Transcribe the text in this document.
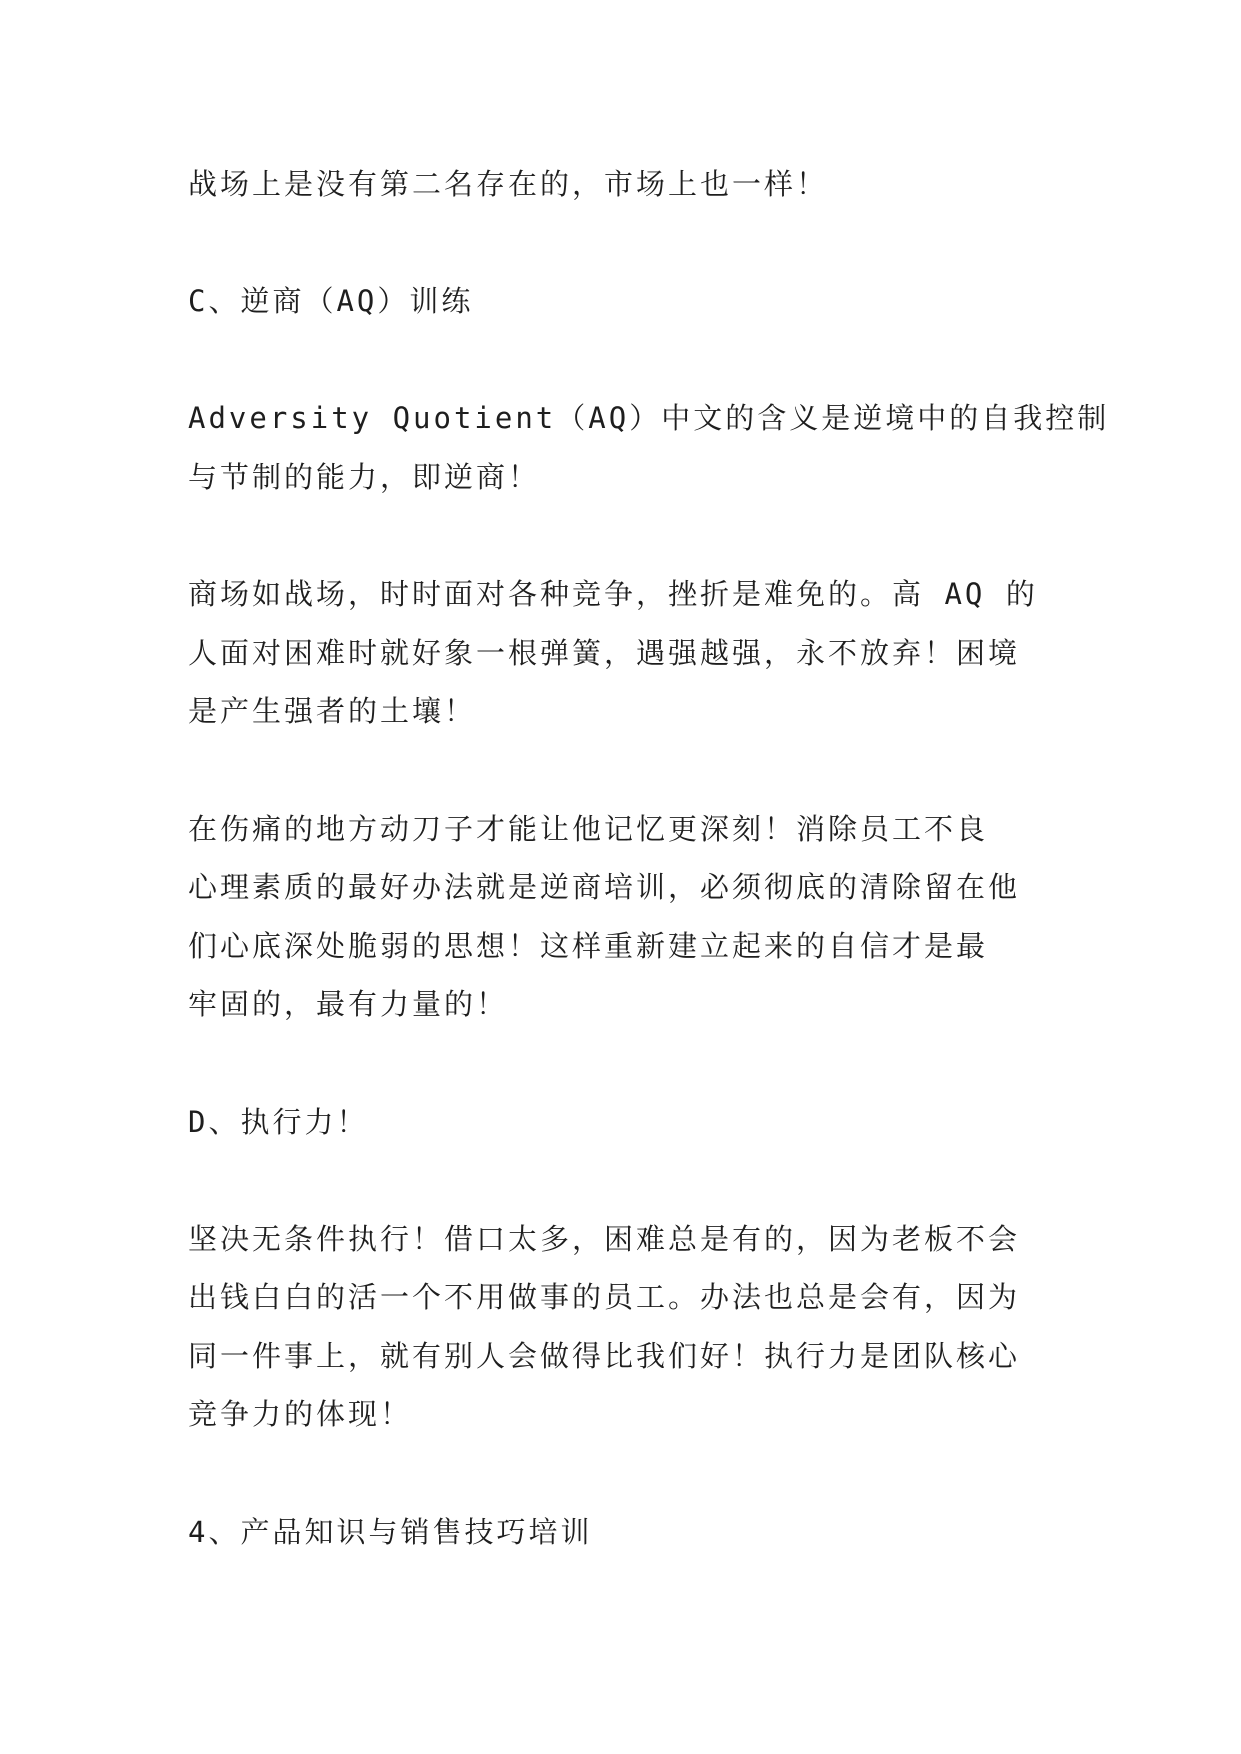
战场上是没有第二名存在的，市场上也一样！
C、逆商（AQ）训练
Adversity Quotient（AQ）中文的含义是逆境中的自我控制
与节制的能力，即逆商！
商场如战场，时时面对各种竞争，挫折是难免的。高 AQ 的
人面对困难时就好象一根弹簧，遇强越强，永不放弃！困境
是产生强者的土壤！
在伤痛的地方动刀子才能让他记忆更深刻！消除员工不良
心理素质的最好办法就是逆商培训，必须彻底的清除留在他
们心底深处脆弱的思想！这样重新建立起来的自信才是最
牢固的，最有力量的！
D、执行力！
坚决无条件执行！借口太多，困难总是有的，因为老板不会
出钱白白的活一个不用做事的员工。办法也总是会有，因为
同一件事上，就有别人会做得比我们好！执行力是团队核心
竞争力的体现！
4、产品知识与销售技巧培训
